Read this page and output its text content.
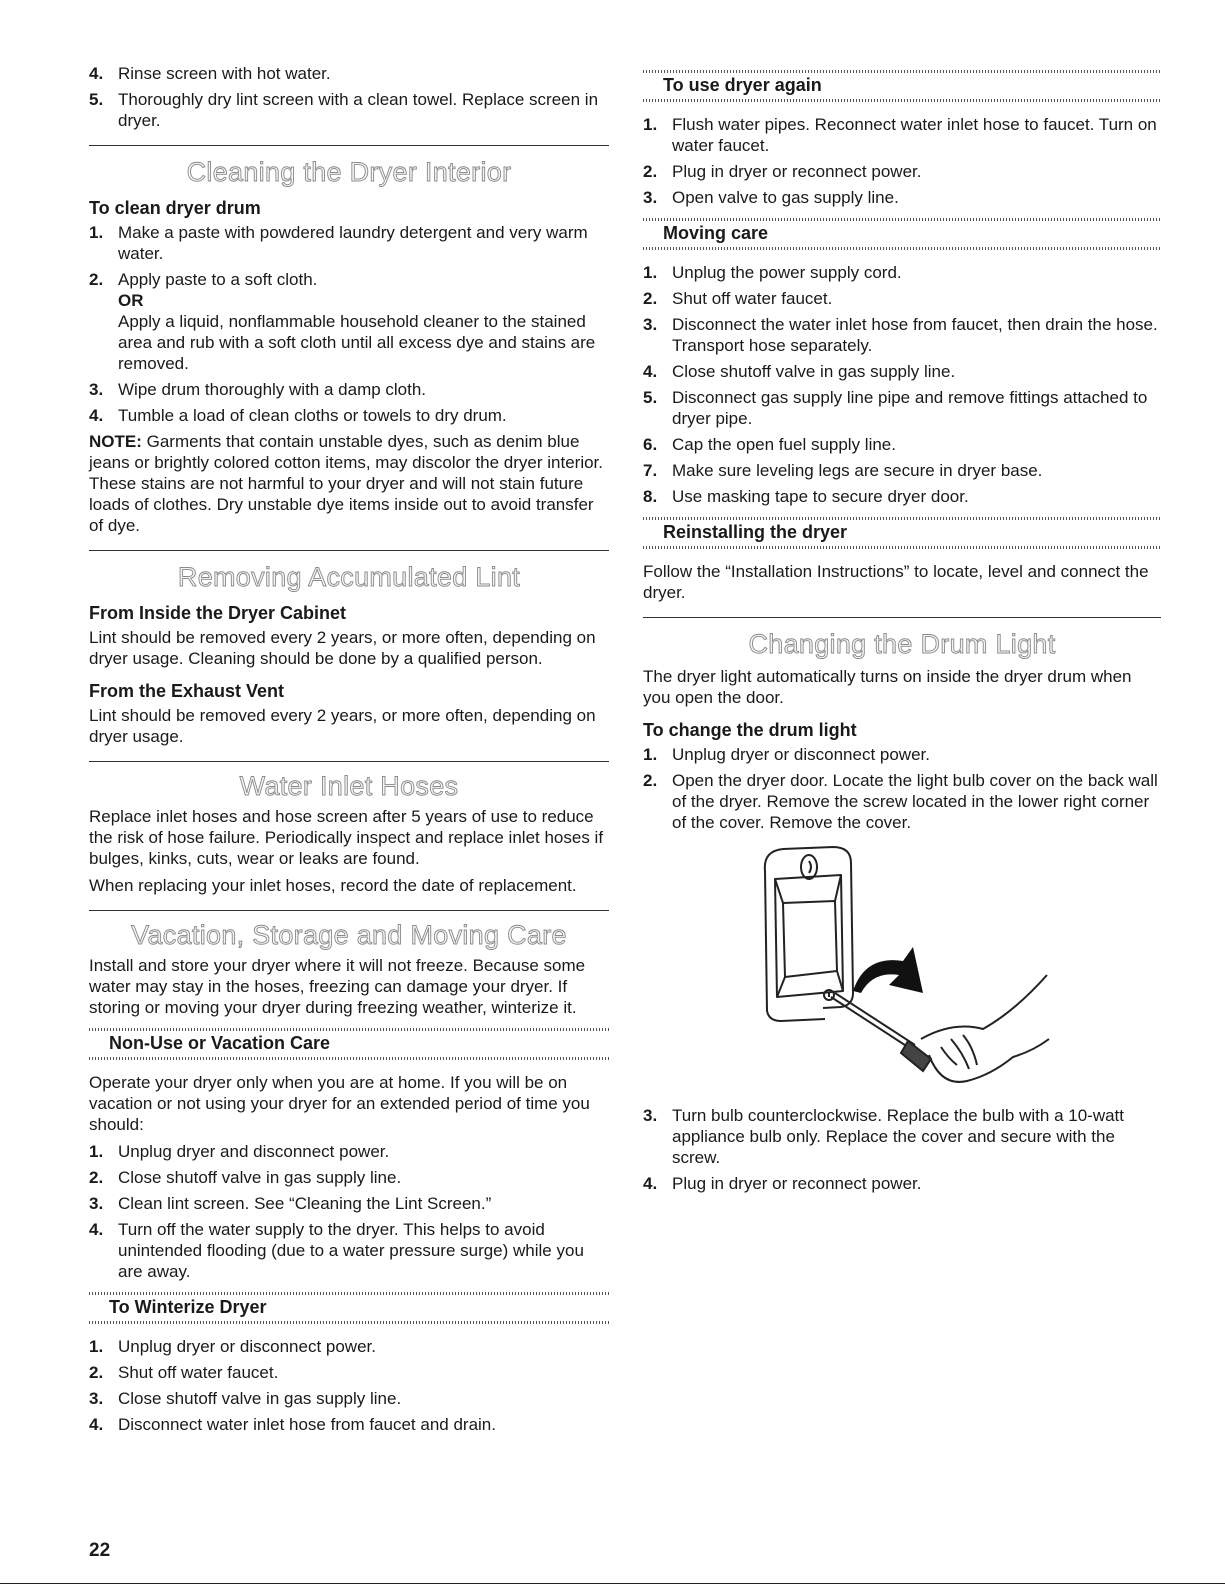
4. Rinse screen with hot water.
5. Thoroughly dry lint screen with a clean towel. Replace screen in dryer.
Cleaning the Dryer Interior
To clean dryer drum
1. Make a paste with powdered laundry detergent and very warm water.
2. Apply paste to a soft cloth.
OR
Apply a liquid, nonflammable household cleaner to the stained area and rub with a soft cloth until all excess dye and stains are removed.
3. Wipe drum thoroughly with a damp cloth.
4. Tumble a load of clean cloths or towels to dry drum.

NOTE: Garments that contain unstable dyes, such as denim blue jeans or brightly colored cotton items, may discolor the dryer interior. These stains are not harmful to your dryer and will not stain future loads of clothes. Dry unstable dye items inside out to avoid transfer of dye.

Removing Accumulated Lint
From Inside the Dryer Cabinet

Lint should be removed every 2 years, or more often, depending on dryer usage. Cleaning should be done by a qualified person.

From the Exhaust Vent

Lint should be removed every 2 years, or more often, depending on dryer usage.

Water Inlet Hoses

Replace inlet hoses and hose screen after 5 years of use to reduce the risk of hose failure. Periodically inspect and replace inlet hoses if bulges, kinks, cuts, wear or leaks are found.

When replacing your inlet hoses, record the date of replacement.

Vacation, Storage and Moving Care

Install and store your dryer where it will not freeze. Because some water may stay in the hoses, freezing can damage your dryer. If storing or moving your dryer during freezing weather, winterize it.

Non-Use or Vacation Care

Operate your dryer only when you are at home. If you will be on vacation or not using your dryer for an extended period of time you should:

1. Unplug dryer and disconnect power.
2. Close shutoff valve in gas supply line.
3. Clean lint screen. See “Cleaning the Lint Screen.”
4. Turn off the water supply to the dryer. This helps to avoid unintended flooding (due to a water pressure surge) while you are away.
To Winterize Dryer
1. Unplug dryer or disconnect power.
2. Shut off water faucet.
3. Close shutoff valve in gas supply line.
4. Disconnect water inlet hose from faucet and drain.
To use dryer again
1. Flush water pipes. Reconnect water inlet hose to faucet. Turn on water faucet.
2. Plug in dryer or reconnect power.
3. Open valve to gas supply line.
Moving care
1. Unplug the power supply cord.
2. Shut off water faucet.
3. Disconnect the water inlet hose from faucet, then drain the hose. Transport hose separately.
4. Close shutoff valve in gas supply line.
5. Disconnect gas supply line pipe and remove fittings attached to dryer pipe.
6. Cap the open fuel supply line.
7. Make sure leveling legs are secure in dryer base.
8. Use masking tape to secure dryer door.
Reinstalling the dryer

Follow the “Installation Instructions” to locate, level and connect the dryer.

Changing the Drum Light

The dryer light automatically turns on inside the dryer drum when you open the door.

To change the drum light
1. Unplug dryer or disconnect power.
2. Open the dryer door. Locate the light bulb cover on the back wall of the dryer. Remove the screw located in the lower right corner of the cover. Remove the cover.
3. Turn bulb counterclockwise. Replace the bulb with a 10-watt appliance bulb only. Replace the cover and secure with the screw.
4. Plug in dryer or reconnect power.
22
